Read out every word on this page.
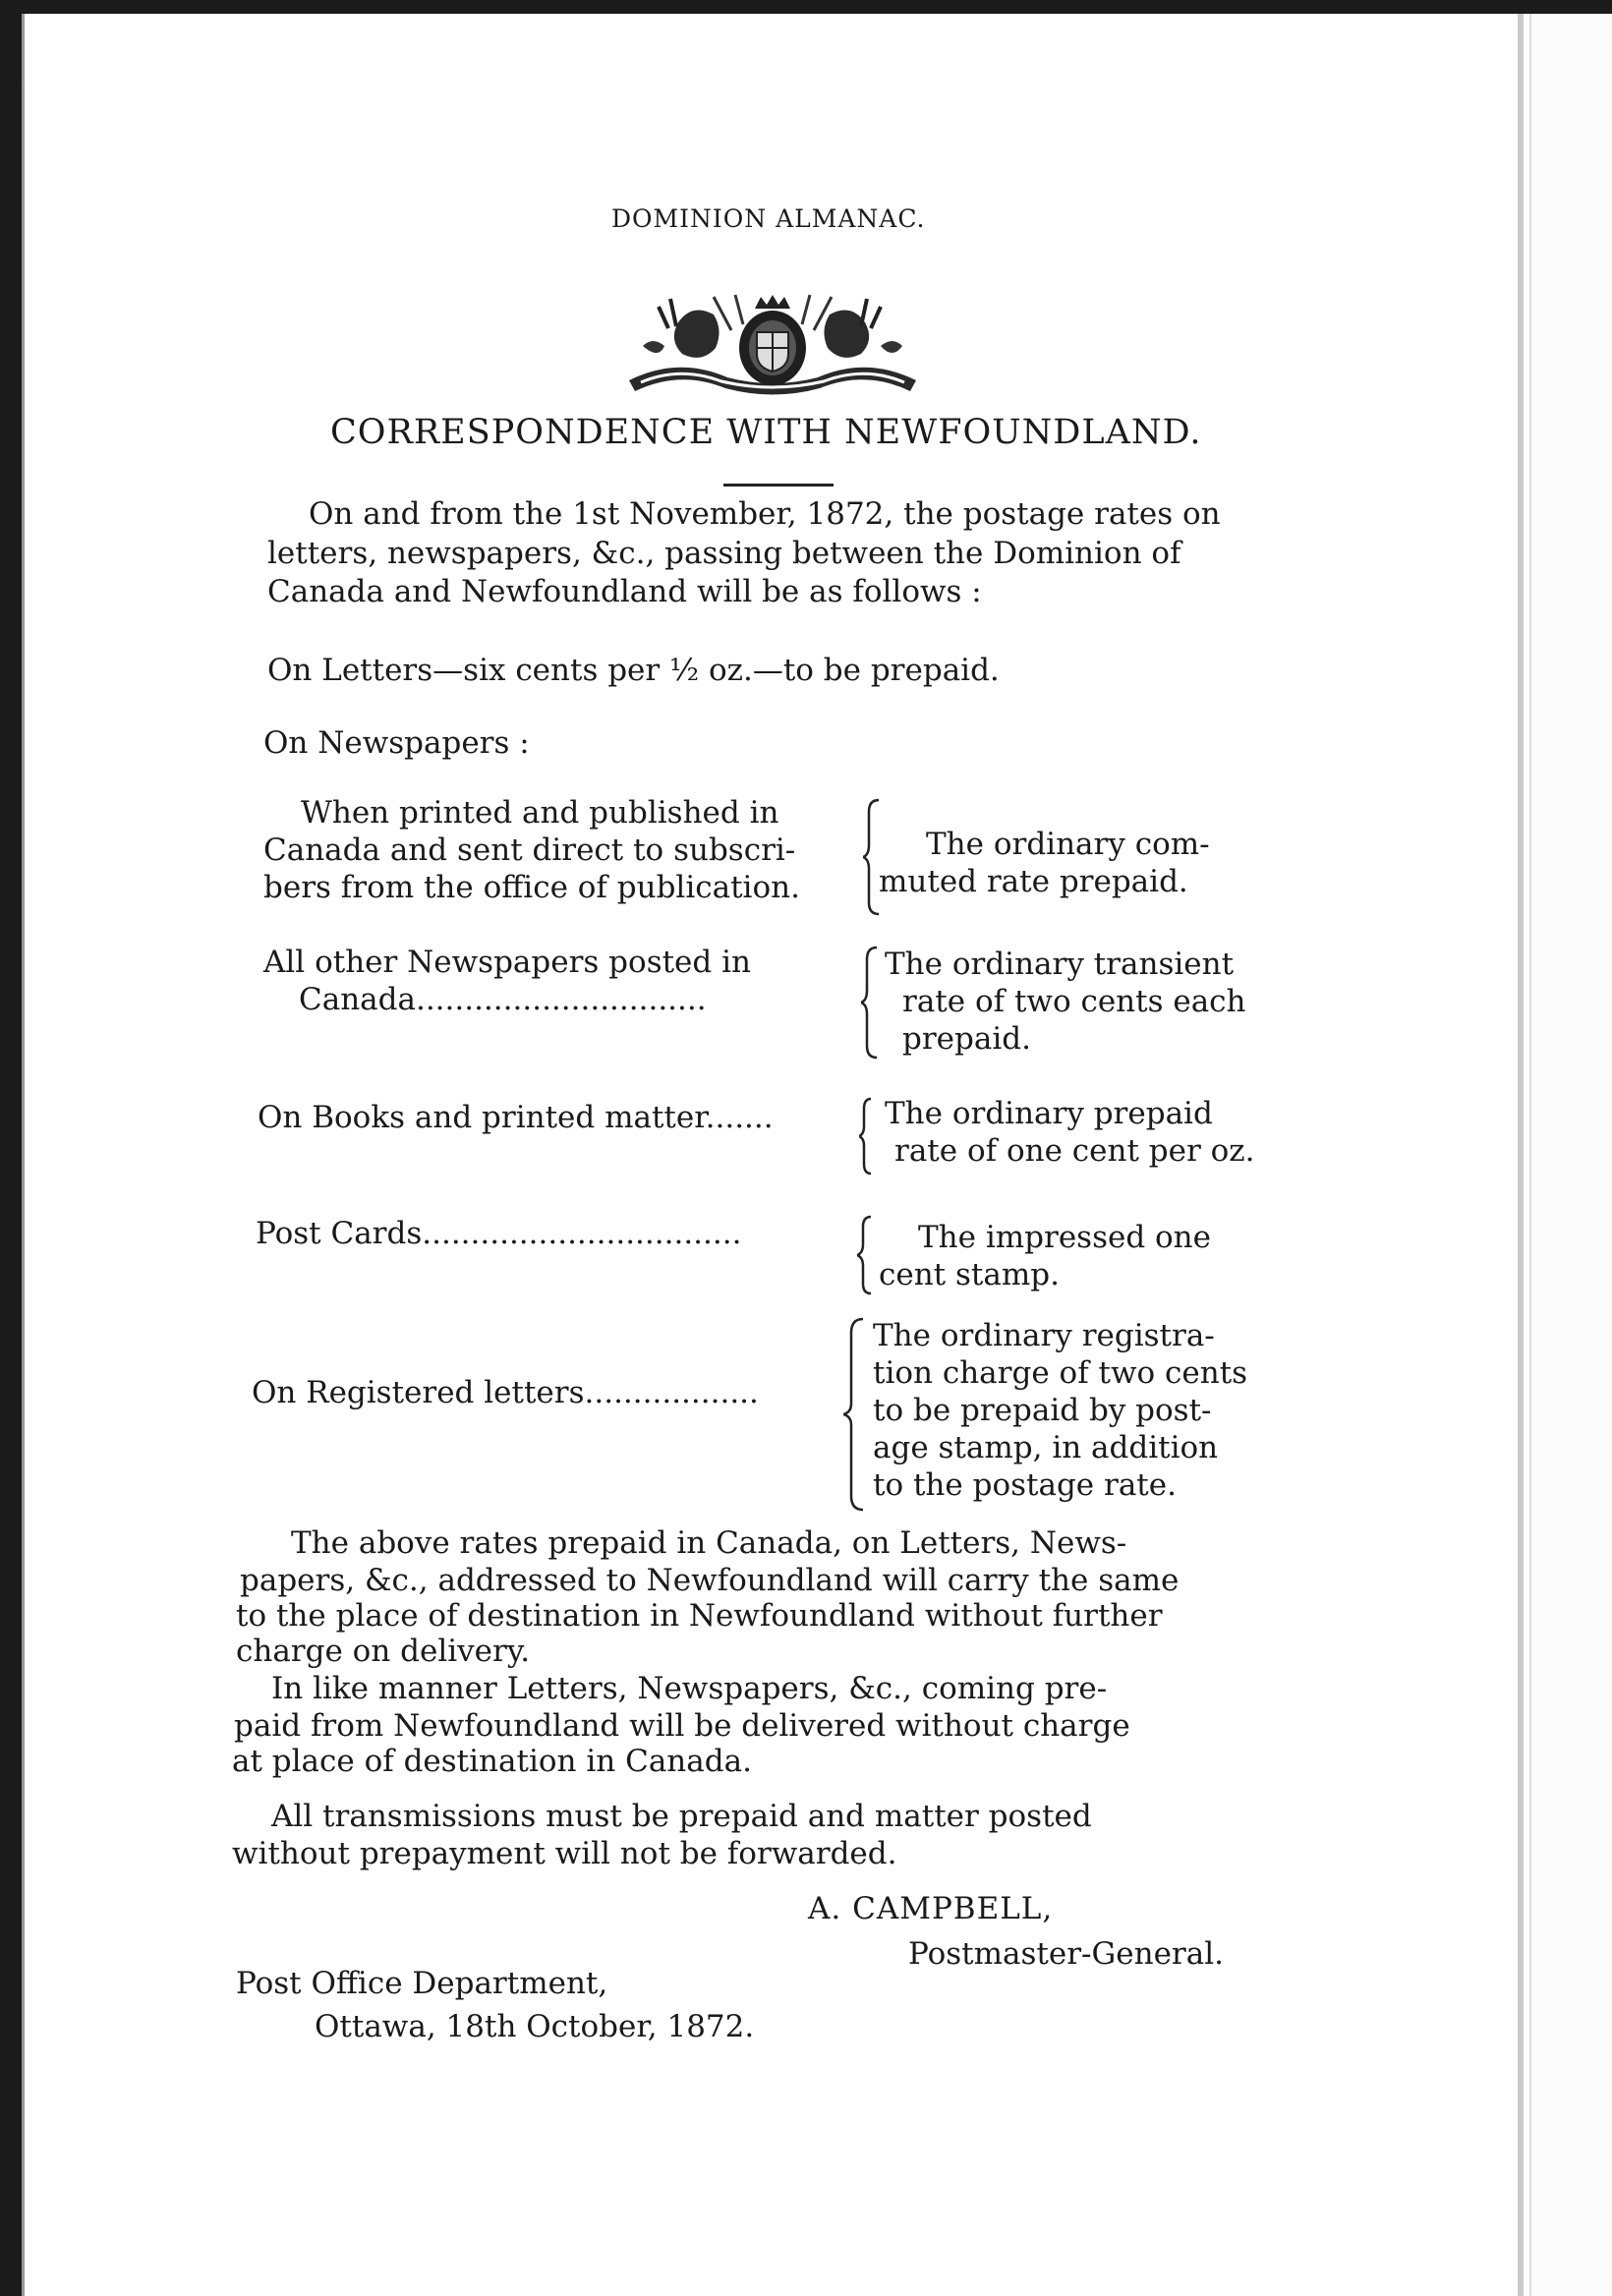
DOMINION ALMANAC.
CORRESPONDENCE WITH NEWFOUNDLAND.
On and from the 1st November, 1872, the postage rates on
letters, newspapers, &c., passing between the Dominion of
Canada and Newfoundland will be as follows :
On Letters—six cents per ½ oz.—to be prepaid.
On Newspapers :
When printed and published in
Canada and sent direct to subscri-
bers from the office of publication.
The ordinary com-
muted rate prepaid.
All other Newspapers posted in
Canada..............................
The ordinary transient
rate of two cents each
prepaid.
On Books and printed matter.......	The ordinary prepaid
rate of one cent per oz.
Post Cards.................................	The impressed one
cent stamp.
On Registered letters..................
The ordinary registra-
tion charge of two cents
to be prepaid by post-
age stamp, in addition
to the postage rate.
The above rates prepaid in Canada, on Letters, News-
papers, &c., addressed to Newfoundland will carry the same
to the place of destination in Newfoundland without further
charge on delivery.
In like manner Letters, Newspapers, &c., coming pre-
paid from Newfoundland will be delivered without charge
at place of destination in Canada.
All transmissions must be prepaid and matter posted
without prepayment will not be forwarded.
A. CAMPBELL,
Postmaster-General.
Post Office Department,
Ottawa, 18th October, 1872.
